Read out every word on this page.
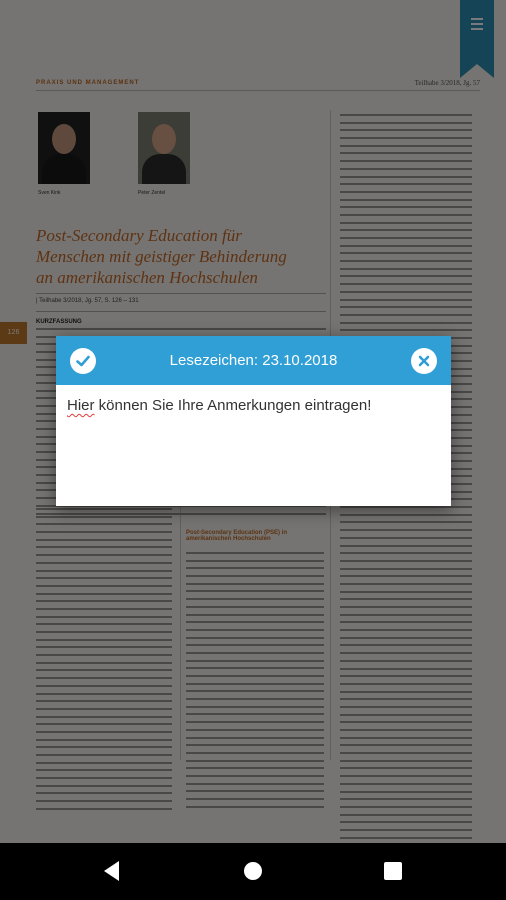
Lesezeichen: 23.10.2018
Hier können Sie Ihre Anmerkungen eintragen!
